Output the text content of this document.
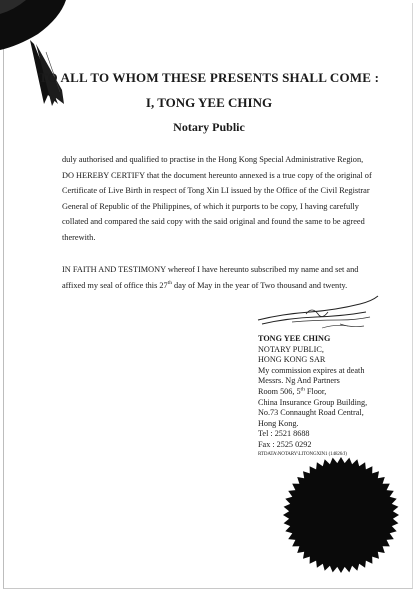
TO ALL TO WHOM THESE PRESENTS SHALL COME :
I, TONG YEE CHING
Notary Public
duly authorised and qualified to practise in the Hong Kong Special Administrative Region,
DO HEREBY CERTIFY that the document hereunto annexed is a true copy of the original of
Certificate of Live Birth in respect of Tong Xin LI issued by the Office of the Civil Registrar
General of Republic of the Philippines, of which it purports to be copy, I having carefully
collated and compared the said copy with the said original and found the same to be agreed
therewith.
IN FAITH AND TESTIMONY whereof I have hereunto subscribed my name and set and
affixed my seal of office this 27th day of May in the year of Two thousand and twenty.
TONG YEE CHING
NOTARY PUBLIC,
HONG KONG SAR
My commission expires at death
Messrs. Ng And Partners
Room 506, 5th Floor,
China Insurance Group Building,
No.73 Connaught Road Central,
Hong Kong.
Tel : 2521 8688
Fax : 2525 0292
RTDATA\NOTARY\LITONGXIN1 (14826/J)
